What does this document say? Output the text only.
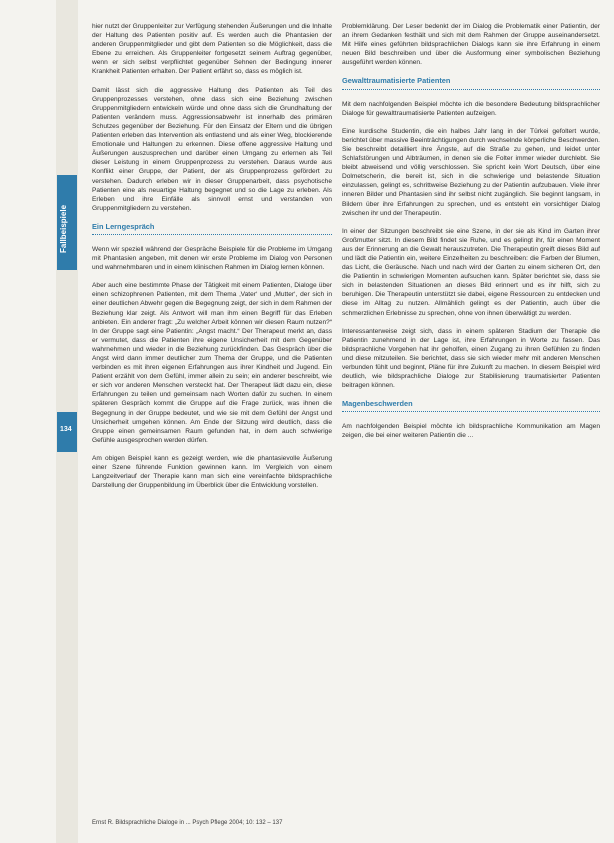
Fallbeispiele
134

hier nutzt der Gruppenleiter zur Verfügung stehenden Äußerungen und die Inhalte der Haltung des Patienten positiv auf. Es werden auch die Phantasien der anderen Gruppenmitglieder und gibt dem Patienten so die Möglichkeit, dass die Ebene zu erreichen. Als Gruppenleiter fortgesetzt seinem Auftrag gegenüber, wenn er sich selbst verpflichtet gegenüber Sehnen der Bedingung innerer Krankheit Patienten erhalten. Der Patient erfährt so, dass es möglich ist.

Damit lässt sich die aggressive Haltung des Patienten als Teil des Gruppenprozesses verstehen, ohne dass sich eine Beziehung zwischen Gruppenmitgliedern entwickeln würde und ohne dass sich die Grundhaltung der Patienten verändern muss. Aggressionsabwehr ist innerhalb des primären Schutzes gegenüber der Beziehung. Für den Einsatz der Eltern und die übrigen Patienten erleben das Intervention als entlastend und als einer Weg, blockierende Emotionale und Haltungen zu erkennen. Diese offene aggressive Haltung und Äußerungen auszusprechen und darüber einen Umgang zu erlernen als Teil dieser Leistung in einem Gruppenprozess zu verstehen. Daraus wurde aus Konflikt einer Gruppe, der Patient, der als Gruppenprozess gefördert zu verstehen. Dadurch erleben wir in dieser Gruppenarbeit, dass psychotische Patienten eine als neuartige Haltung begegnet und so die Lage zu erleben. Als Erleben und ihre Einfälle als sinnvoll ernst und verstanden von Gruppenmitgliedern zu verstehen.

Ein Lerngespräch

Wenn wir speziell während der Gespräche Beispiele für die Probleme im Umgang mit Phantasien angeben, mit denen wir erste Probleme im Dialog von Personen und wahrnehmbaren und in einem klinischen Rahmen im Dialog lernen können.

Aber auch eine bestimmte Phase der Tätigkeit mit einem Patienten, Dialoge über einen schizophrenen Patienten, mit dem Thema ‚Vater‘ und ‚Mutter‘, der sich in einer deutlichen Abwehr gegen die Begegnung zeigt, der sich in dem Rahmen der Beziehung klar zeigt. Als Antwort will man ihm einen Begriff für das Erleben anbieten. Ein anderer fragt: „Zu welcher Arbeit können wir diesen Raum nutzen?“ In der Gruppe sagt eine Patientin: „Angst macht.“ Der Therapeut merkt an, dass er vermutet, dass die Patienten ihre eigene Unsicherheit mit dem Gegenüber wahrnehmen und wieder in die Beziehung zurückfinden. Das Gespräch über die Angst wird dann immer deutlicher zum Thema der Gruppe, und die Patienten verbinden es mit ihren eigenen Erfahrungen aus ihrer Kindheit und Jugend. Ein Patient erzählt von dem Gefühl, immer allein zu sein; ein anderer beschreibt, wie er sich vor anderen Menschen versteckt hat. Der Therapeut lädt dazu ein, diese Erfahrungen zu teilen und gemeinsam nach Worten dafür zu suchen. In einem späteren Gespräch kommt die Gruppe auf die Frage zurück, was ihnen die Begegnung in der Gruppe bedeutet, und wie sie mit dem Gefühl der Angst und Unsicherheit umgehen können. Am Ende der Sitzung wird deutlich, dass die Gruppe einen gemeinsamen Raum gefunden hat, in dem auch schwierige Gefühle ausgesprochen werden dürfen.

Am obigen Beispiel kann es gezeigt werden, wie die phantasievolle Äußerung einer Szene führende Funktion gewinnen kann. Im Vergleich von einem Langzeitverlauf der Therapie kann man sich eine vereinfachte bildsprachliche Darstellung der Gruppenbildung im Überblick über die Entwicklung vorstellen.

Problemklärung. Der Leser bedenkt der im Dialog die Problematik einer Patientin, der an ihrem Gedanken festhält und sich mit dem Rahmen der Gruppe auseinandersetzt. Mit Hilfe eines geführten bildsprachlichen Dialogs kann sie ihre Erfahrung in einem neuen Bild beschreiben und über die Ausformung einer symbolischen Beziehung ausgeführt werden können.

Gewalttraumatisierte Patienten

Mit dem nachfolgenden Beispiel möchte ich die besondere Bedeutung bildsprachlicher Dialoge für gewalttraumatisierte Patienten aufzeigen.

Eine kurdische Studentin, die ein halbes Jahr lang in der Türkei gefoltert wurde, berichtet über massive Beeinträchtigungen durch wechselnde körperliche Beschwerden. Sie beschreibt detailliert ihre Ängste, auf die Straße zu gehen, und leidet unter Schlafstörungen und Albträumen, in denen sie die Folter immer wieder durchlebt. Sie bleibt abweisend und völlig verschlossen. Sie spricht kein Wort Deutsch, über eine Dolmetscherin, die bereit ist, sich in die schwierige und belastende Situation einzulassen, gelingt es, schrittweise Beziehung zu der Patientin aufzubauen. Viele ihrer inneren Bilder und Phantasien sind ihr selbst nicht zugänglich. Sie beginnt langsam, in Bildern über ihre Erfahrungen zu sprechen, und es entsteht ein vorsichtiger Dialog zwischen ihr und der Therapeutin.

In einer der Sitzungen beschreibt sie eine Szene, in der sie als Kind im Garten ihrer Großmutter sitzt. In diesem Bild findet sie Ruhe, und es gelingt ihr, für einen Moment aus der Erinnerung an die Gewalt herauszutreten. Die Therapeutin greift dieses Bild auf und lädt die Patientin ein, weitere Einzelheiten zu beschreiben: die Farben der Blumen, das Licht, die Geräusche. Nach und nach wird der Garten zu einem sicheren Ort, den die Patientin in schwierigen Momenten aufsuchen kann. Später berichtet sie, dass sie sich in belastenden Situationen an dieses Bild erinnert und es ihr hilft, sich zu beruhigen. Die Therapeutin unterstützt sie dabei, eigene Ressourcen zu entdecken und diese im Alltag zu nutzen. Allmählich gelingt es der Patientin, auch über die schmerzlichen Erlebnisse zu sprechen, ohne von ihnen überwältigt zu werden.

Interessanterweise zeigt sich, dass in einem späteren Stadium der Therapie die Patientin zunehmend in der Lage ist, ihre Erfahrungen in Worte zu fassen. Das bildsprachliche Vorgehen hat ihr geholfen, einen Zugang zu ihren Gefühlen zu finden und diese mitzuteilen. Sie berichtet, dass sie sich wieder mehr mit anderen Menschen verbunden fühlt und beginnt, Pläne für ihre Zukunft zu machen. In diesem Beispiel wird deutlich, wie bildsprachliche Dialoge zur Stabilisierung traumatisierter Patienten beitragen können.

Magenbeschwerden

Am nachfolgenden Beispiel möchte ich bildsprachliche Kommunikation am Magen zeigen, die bei einer weiteren Patientin die ...

Ernst R. Bildsprachliche Dialoge in ... Psych Pflege 2004; 10: 132 – 137
